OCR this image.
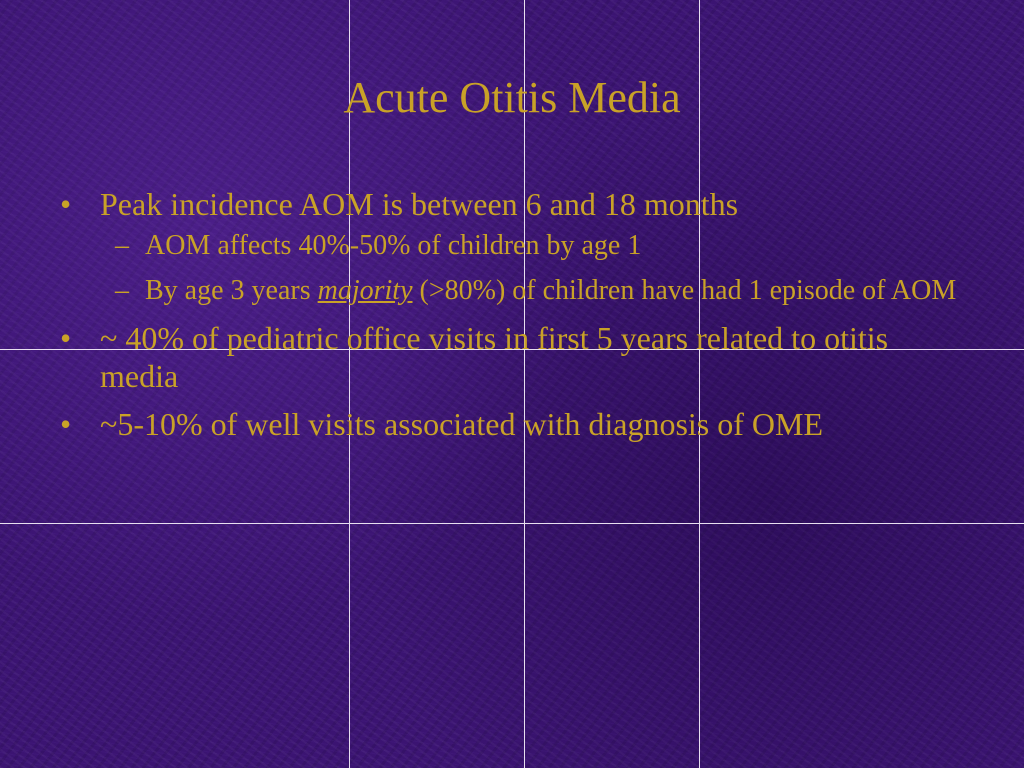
Acute Otitis Media
• Peak incidence AOM is between 6 and 18 months
– AOM affects 40%-50% of children by age 1
– By age 3 years majority (>80%) of children have had 1 episode of AOM
• ~ 40% of pediatric office visits in first 5 years related to otitis media
• ~5-10% of well visits associated with diagnosis of OME
